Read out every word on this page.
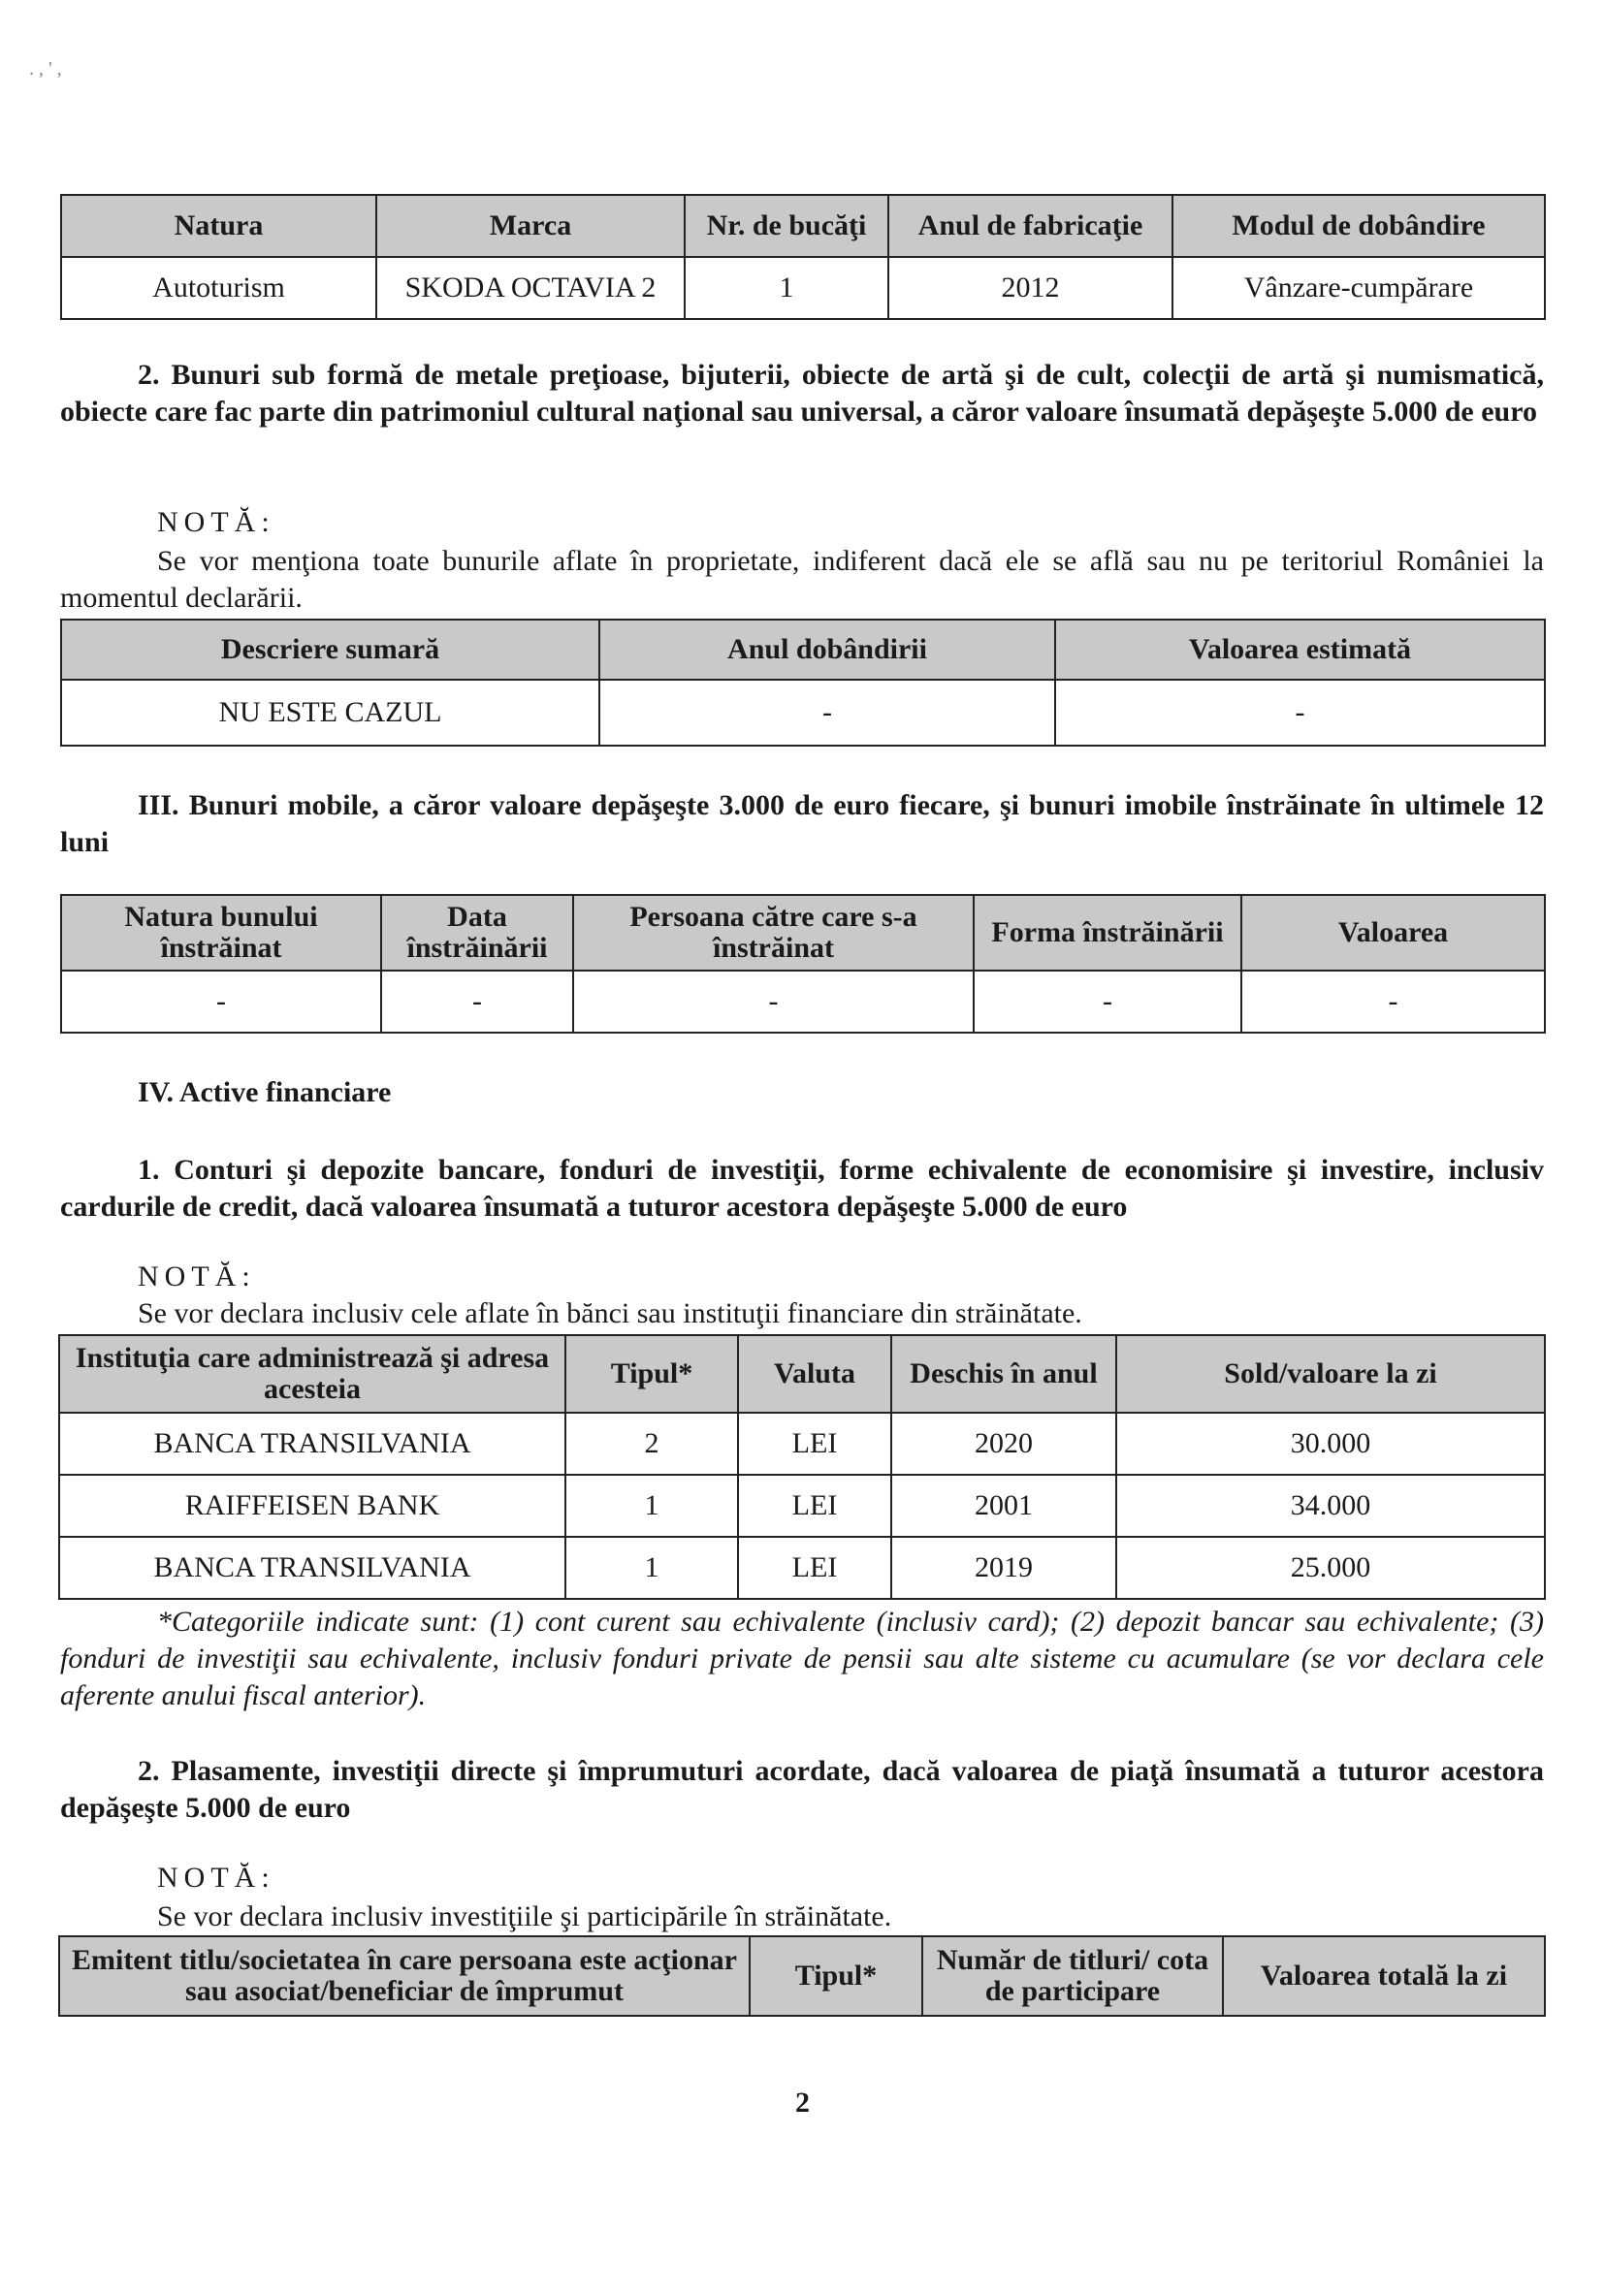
. , ' ,
Natura	Marca	Nr. de bucăţi	Anul de fabricaţie	Modul de dobândire
Autoturism	SKODA OCTAVIA 2	1	2012	Vânzare-cumpărare
2. Bunuri sub formă de metale preţioase, bijuterii, obiecte de artă şi de cult, colecţii de artă şi numismatică, obiecte care fac parte din patrimoniul cultural naţional sau universal, a căror valoare însumată depăşeşte 5.000 de euro
NOTĂ:
Se vor menţiona toate bunurile aflate în proprietate, indiferent dacă ele se află sau nu pe teritoriul României la momentul declarării.
Descriere sumară	Anul dobândirii	Valoarea estimată
NU ESTE CAZUL	-	-
III. Bunuri mobile, a căror valoare depăşeşte 3.000 de euro fiecare, şi bunuri imobile înstrăinate în ultimele 12 luni
Natura bunului înstrăinat	Data înstrăinării	Persoana către care s-a înstrăinat	Forma înstrăinării	Valoarea
-	-	-	-	-
IV. Active financiare
1. Conturi şi depozite bancare, fonduri de investiţii, forme echivalente de economisire şi investire, inclusiv cardurile de credit, dacă valoarea însumată a tuturor acestora depăşeşte 5.000 de euro
NOTĂ:
Se vor declara inclusiv cele aflate în bănci sau instituţii financiare din străinătate.
Instituţia care administrează şi adresa acesteia	Tipul*	Valuta	Deschis în anul	Sold/valoare la zi
BANCA TRANSILVANIA	2	LEI	2020	30.000
RAIFFEISEN BANK	1	LEI	2001	34.000
BANCA TRANSILVANIA	1	LEI	2019	25.000
*Categoriile indicate sunt: (1) cont curent sau echivalente (inclusiv card); (2) depozit bancar sau echivalente; (3) fonduri de investiţii sau echivalente, inclusiv fonduri private de pensii sau alte sisteme cu acumulare (se vor declara cele aferente anului fiscal anterior).
2. Plasamente, investiţii directe şi împrumuturi acordate, dacă valoarea de piaţă însumată a tuturor acestora depăşeşte 5.000 de euro
NOTĂ:
Se vor declara inclusiv investiţiile şi participările în străinătate.
Emitent titlu/societatea în care persoana este acţionar sau asociat/beneficiar de împrumut	Tipul*	Număr de titluri/ cota de participare	Valoarea totală la zi
2
